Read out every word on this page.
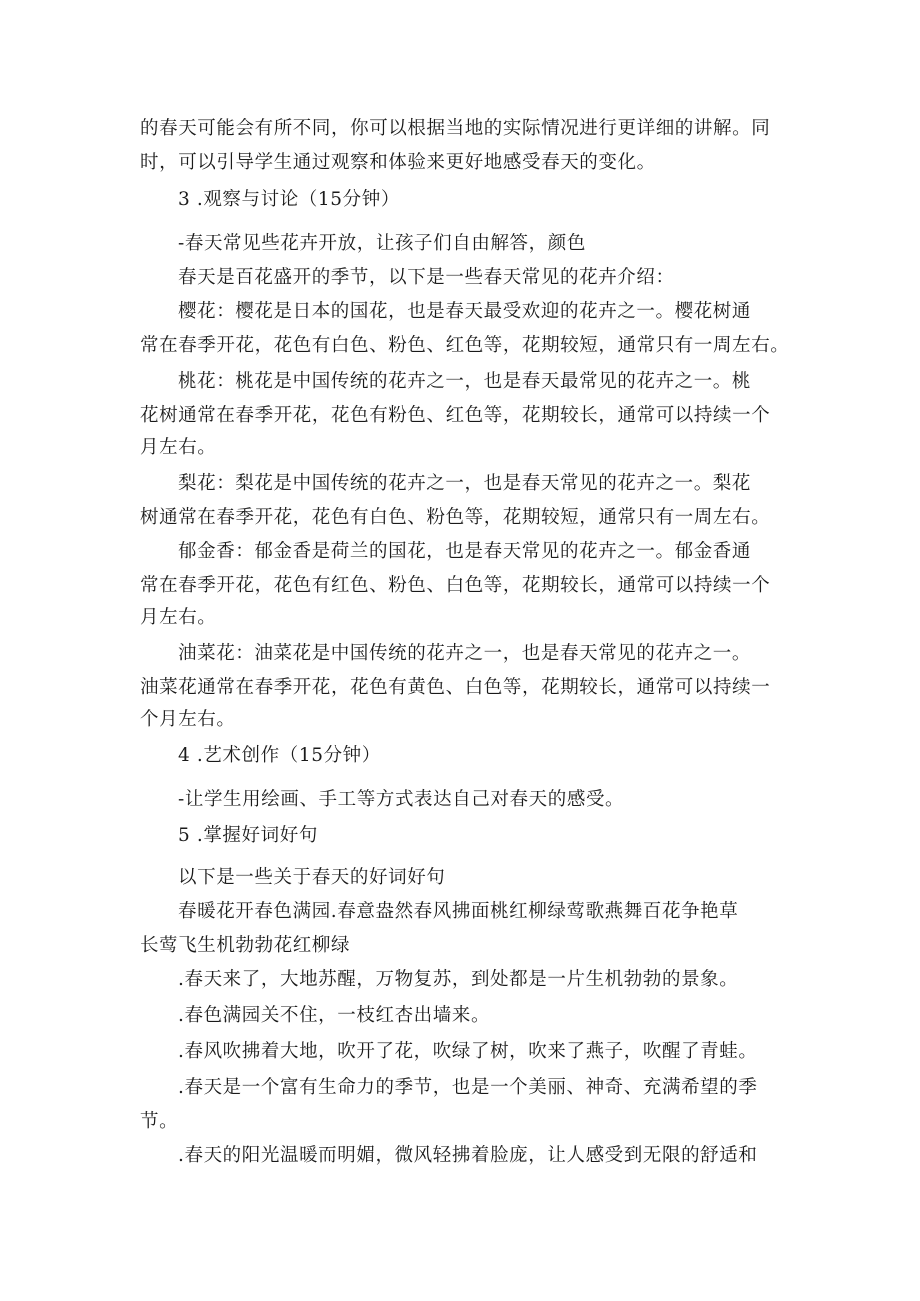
的春天可能会有所不同，你可以根据当地的实际情况进行更详细的讲解。同
时，可以引导学生通过观察和体验来更好地感受春天的变化。
3 .观察与讨论（15分钟）
-春天常见些花卉开放，让孩子们自由解答，颜色
春天是百花盛开的季节，以下是一些春天常见的花卉介绍：
樱花：樱花是日本的国花，也是春天最受欢迎的花卉之一。樱花树通
常在春季开花，花色有白色、粉色、红色等，花期较短，通常只有一周左右。
桃花：桃花是中国传统的花卉之一，也是春天最常见的花卉之一。桃
花树通常在春季开花，花色有粉色、红色等，花期较长，通常可以持续一个
月左右。
梨花：梨花是中国传统的花卉之一，也是春天常见的花卉之一。梨花
树通常在春季开花，花色有白色、粉色等，花期较短，通常只有一周左右。
郁金香：郁金香是荷兰的国花，也是春天常见的花卉之一。郁金香通
常在春季开花，花色有红色、粉色、白色等，花期较长，通常可以持续一个
月左右。
油菜花：油菜花是中国传统的花卉之一，也是春天常见的花卉之一。
油菜花通常在春季开花，花色有黄色、白色等，花期较长，通常可以持续一
个月左右。
4 .艺术创作（15分钟）
-让学生用绘画、手工等方式表达自己对春天的感受。
5 .掌握好词好句
以下是一些关于春天的好词好句
春暖花开春色满园.春意盎然春风拂面桃红柳绿莺歌燕舞百花争艳草
长莺飞生机勃勃花红柳绿
.春天来了，大地苏醒，万物复苏，到处都是一片生机勃勃的景象。
.春色满园关不住，一枝红杏出墙来。
.春风吹拂着大地，吹开了花，吹绿了树，吹来了燕子，吹醒了青蛙。
.春天是一个富有生命力的季节，也是一个美丽、神奇、充满希望的季
节。
.春天的阳光温暖而明媚，微风轻拂着脸庞，让人感受到无限的舒适和
